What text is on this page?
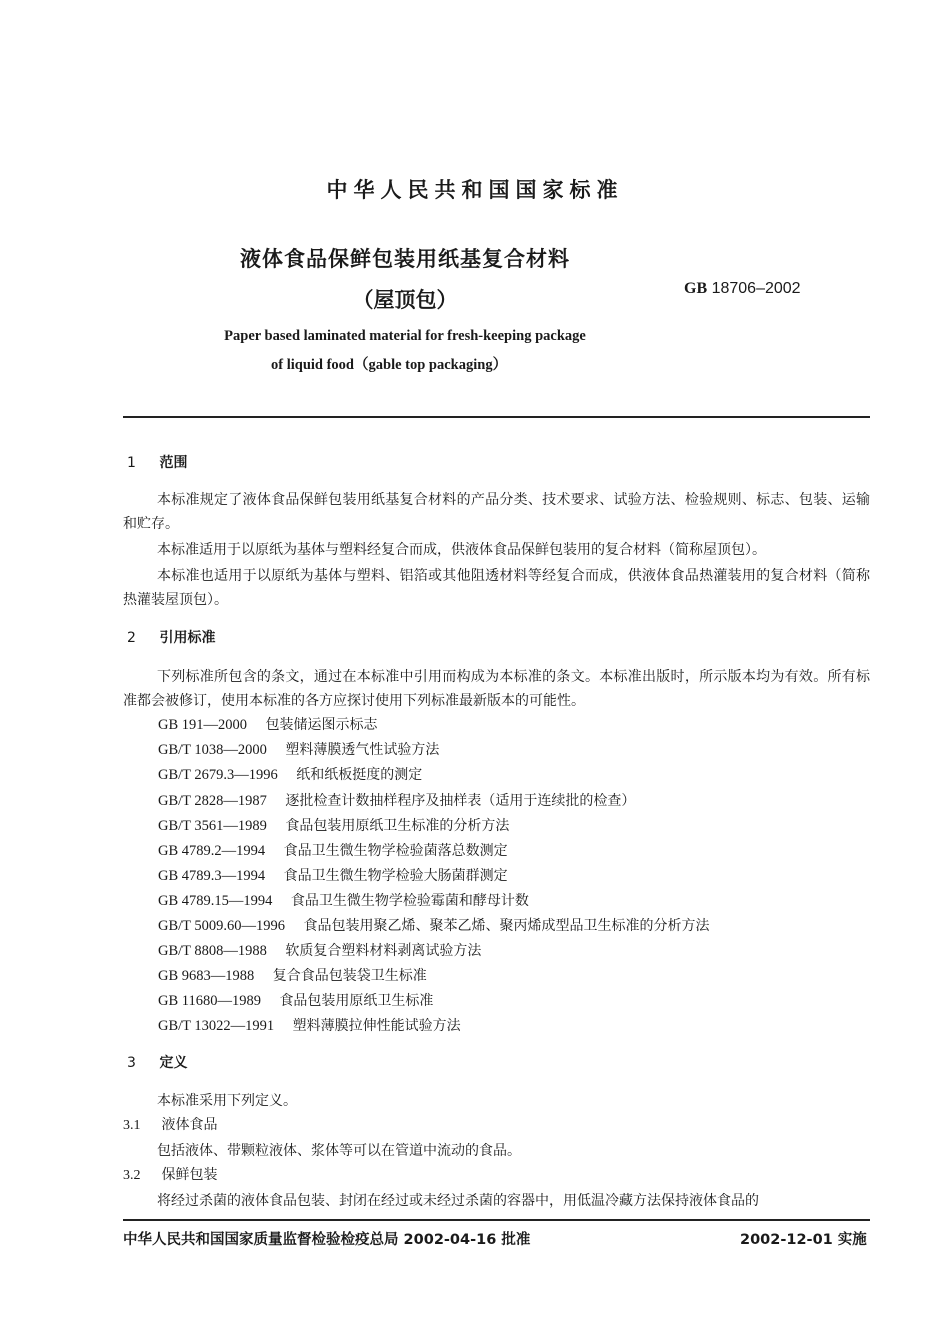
中华人民共和国国家标准
液体食品保鲜包装用纸基复合材料
（屋顶包）	GB 18706–2002
Paper based laminated material for fresh-keeping package
of liquid food（gable top packaging）
1 范围
本标准规定了液体食品保鲜包装用纸基复合材料的产品分类、技术要求、试验方法、检验规则、标志、包装、运输和贮存。
本标准适用于以原纸为基体与塑料经复合而成，供液体食品保鲜包装用的复合材料（简称屋顶包）。
本标准也适用于以原纸为基体与塑料、铝箔或其他阻透材料等经复合而成，供液体食品热灌装用的复合材料（简称热灌装屋顶包）。
2 引用标准
下列标准所包含的条文，通过在本标准中引用而构成为本标准的条文。本标准出版时，所示版本均为有效。所有标准都会被修订，使用本标准的各方应探讨使用下列标准最新版本的可能性。
GB 191—2000 包装储运图示标志
GB/T 1038—2000 塑料薄膜透气性试验方法
GB/T 2679.3—1996 纸和纸板挺度的测定
GB/T 2828—1987 逐批检查计数抽样程序及抽样表（适用于连续批的检查）
GB/T 3561—1989 食品包装用原纸卫生标准的分析方法
GB 4789.2—1994 食品卫生微生物学检验菌落总数测定
GB 4789.3—1994 食品卫生微生物学检验大肠菌群测定
GB 4789.15—1994 食品卫生微生物学检验霉菌和酵母计数
GB/T 5009.60—1996 食品包装用聚乙烯、聚苯乙烯、聚丙烯成型品卫生标准的分析方法
GB/T 8808—1988 软质复合塑料材料剥离试验方法
GB 9683—1988 复合食品包装袋卫生标准
GB 11680—1989 食品包装用原纸卫生标准
GB/T 13022—1991 塑料薄膜拉伸性能试验方法
3 定义
本标准采用下列定义。
3.1 液体食品
包括液体、带颗粒液体、浆体等可以在管道中流动的食品。
3.2 保鲜包装
将经过杀菌的液体食品包装、封闭在经过或未经过杀菌的容器中，用低温冷藏方法保持液体食品的
中华人民共和国国家质量监督检验检疫总局 2002-04-16 批准	2002-12-01 实施
